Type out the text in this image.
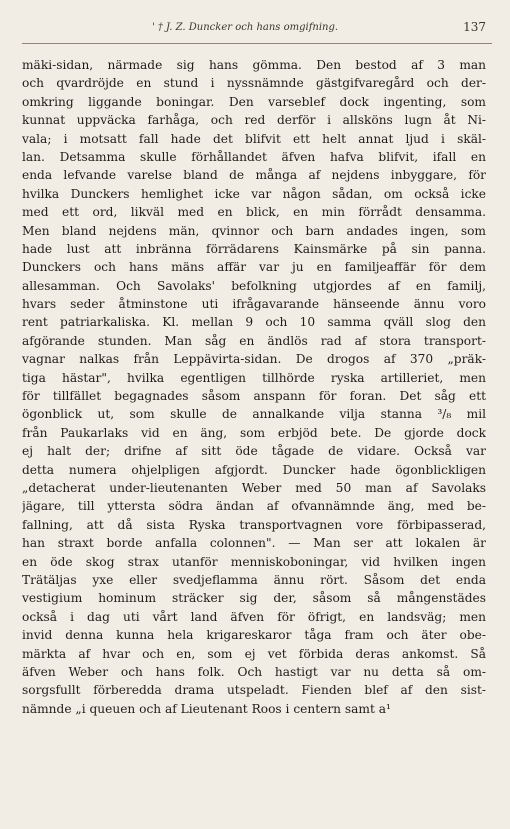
' † J. Z. Duncker och hans omgifning.	137
mäki-sidan, närmade sig hans gömma. Den bestod af 3 man
och qvardröjde en stund i nyssnämnde gästgifvaregård och der-
omkring liggande boningar. Den varseblef dock ingenting, som
kunnat uppväcka farhåga, och red derför i allsköns lugn åt Ni-
vala; i motsatt fall hade det blifvit ett helt annat ljud i skäl-
lan. Detsamma skulle förhållandet äfven hafva blifvit, ifall en
enda lefvande varelse bland de många af nejdens inbyggare, för
hvilka Dunckers hemlighet icke var någon sådan, om också icke
med ett ord, likväl med en blick, en min förrådt densamma.
Men bland nejdens män, qvinnor och barn andades ingen, som
hade lust att inbränna förrädarens Kainsmärke på sin panna.
Dunckers och hans mäns affär var ju en familjeaffär för dem
allesamman. Och Savolaks' befolkning utgjordes af en familj,
hvars seder åtminstone uti ifrågavarande hänseende ännu voro
rent patriarkaliska. Kl. mellan 9 och 10 samma qväll slog den
afgörande stunden. Man såg en ändlös rad af stora transport-
vagnar nalkas från Leppävirta-sidan. De drogos af 370 „präk-
tiga hästar", hvilka egentligen tillhörde ryska artilleriet, men
för tillfället begagnades såsom anspann för foran. Det såg ett
ögonblick ut, som skulle de annalkande vilja stanna ³/₈ mil
från Paukarlaks vid en äng, som erbjöd bete. De gjorde dock
ej halt der; drifne af sitt öde tågade de vidare. Också var
detta numera ohjelpligen afgjordt. Duncker hade ögonblickligen
„detacherat under-lieutenanten Weber med 50 man af Savolaks
jägare, till yttersta södra ändan af ofvannämnde äng, med be-
fallning, att då sista Ryska transportvagnen vore förbipasserad,
han straxt borde anfalla colonnen". — Man ser att lokalen är
en öde skog strax utanför menniskoboningar, vid hvilken ingen
Trätäljas yxe eller svedjeflamma ännu rört. Såsom det enda
vestigium hominum sträcker sig der, såsom så mångenstädes
också i dag uti vårt land äfven för öfrigt, en landsväg; men
invid denna kunna hela krigareskaror tåga fram och äter obe-
märkta af hvar och en, som ej vet förbida deras ankomst. Så
äfven Weber och hans folk. Och hastigt var nu detta så om-
sorgsfullt förberedda drama utspeladt. Fienden blef af den sist-
nämnde „i queuen och af Lieutenant Roos i centern samt a¹
